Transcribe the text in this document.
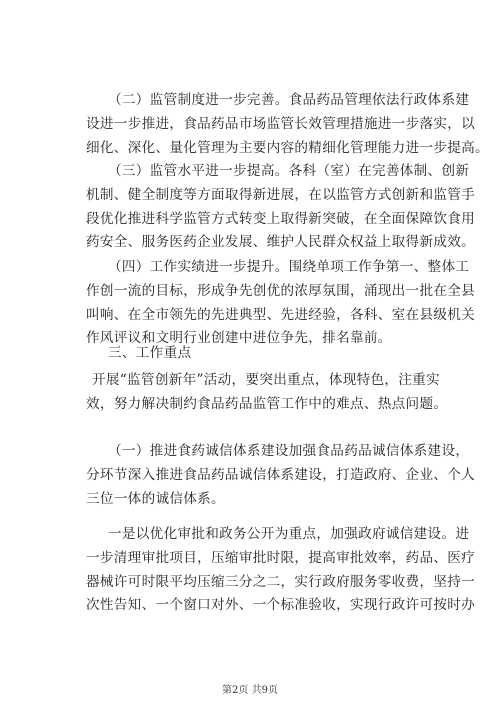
（二）监管制度进一步完善。食品药品管理依法行政体系建
设进一步推进，食品药品市场监管长效管理措施进一步落实，以
细化、深化、量化管理为主要内容的精细化管理能力进一步提高。
（三）监管水平进一步提高。各科（室）在完善体制、创新
机制、健全制度等方面取得新进展，在以监管方式创新和监管手
段优化推进科学监管方式转变上取得新突破，在全面保障饮食用
药安全、服务医药企业发展、维护人民群众权益上取得新成效。
（四）工作实绩进一步提升。围绕单项工作争第一、整体工
作创一流的目标，形成争先创优的浓厚氛围，涌现出一批在全县
叫响、在全市领先的先进典型、先进经验，各科、室在县级机关
作风评议和文明行业创建中进位争先，排名靠前。
三、工作重点
开展“监管创新年”活动，要突出重点，体现特色，注重实
效，努力解决制约食品药品监管工作中的难点、热点问题。
（一）推进食药诚信体系建设加强食品药品诚信体系建设，
分环节深入推进食品药品诚信体系建设，打造政府、企业、个人
三位一体的诚信体系。
一是以优化审批和政务公开为重点，加强政府诚信建设。进
一步清理审批项目，压缩审批时限，提高审批效率，药品、医疗
器械许可时限平均压缩三分之二，实行政府服务零收费，坚持一
次性告知、一个窗口对外、一个标准验收，实现行政许可按时办
第2页 共9页
